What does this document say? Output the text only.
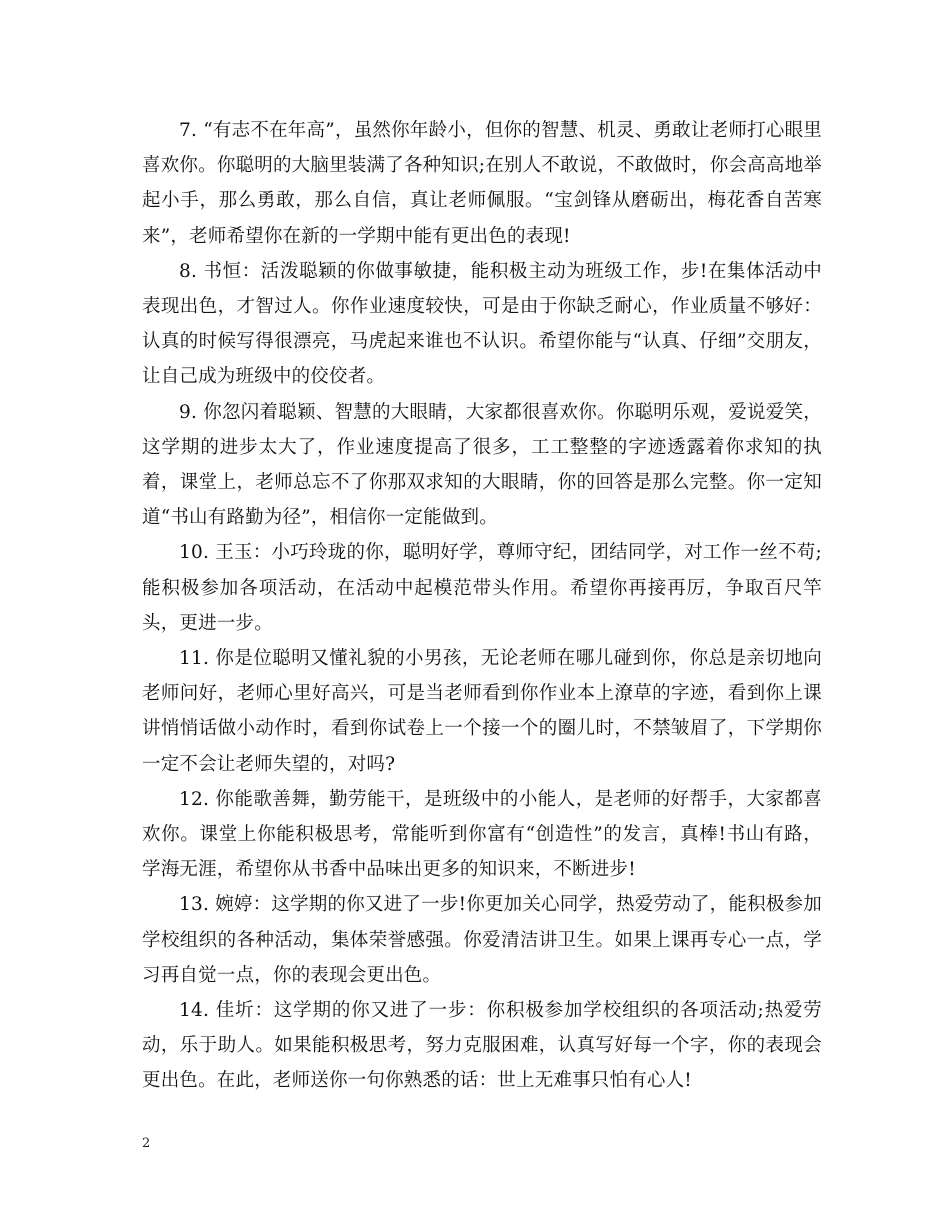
7. “有志不在年高”，虽然你年龄小，但你的智慧、机灵、勇敢让老师打心眼里喜欢你。你聪明的大脑里装满了各种知识;在别人不敢说，不敢做时，你会高高地举起小手，那么勇敢，那么自信，真让老师佩服。“宝剑锋从磨砺出，梅花香自苦寒来”，老师希望你在新的一学期中能有更出色的表现!

8. 书恒：活泼聪颖的你做事敏捷，能积极主动为班级工作，步!在集体活动中表现出色，才智过人。你作业速度较快，可是由于你缺乏耐心，作业质量不够好：认真的时候写得很漂亮，马虎起来谁也不认识。希望你能与“认真、仔细”交朋友，让自己成为班级中的佼佼者。

9. 你忽闪着聪颖、智慧的大眼睛，大家都很喜欢你。你聪明乐观，爱说爱笑，这学期的进步太大了，作业速度提高了很多，工工整整的字迹透露着你求知的执着，课堂上，老师总忘不了你那双求知的大眼睛，你的回答是那么完整。你一定知道“书山有路勤为径”，相信你一定能做到。

10. 王玉：小巧玲珑的你，聪明好学，尊师守纪，团结同学，对工作一丝不苟;能积极参加各项活动，在活动中起模范带头作用。希望你再接再厉，争取百尺竿头，更进一步。

11. 你是位聪明又懂礼貌的小男孩，无论老师在哪儿碰到你，你总是亲切地向老师问好，老师心里好高兴，可是当老师看到你作业本上潦草的字迹，看到你上课讲悄悄话做小动作时，看到你试卷上一个接一个的圈儿时，不禁皱眉了，下学期你一定不会让老师失望的，对吗?

12. 你能歌善舞，勤劳能干，是班级中的小能人，是老师的好帮手，大家都喜欢你。课堂上你能积极思考，常能听到你富有“创造性”的发言，真棒!书山有路，学海无涯，希望你从书香中品味出更多的知识来，不断进步!

13. 婉婷：这学期的你又进了一步!你更加关心同学，热爱劳动了，能积极参加学校组织的各种活动，集体荣誉感强。你爱清洁讲卫生。如果上课再专心一点，学习再自觉一点，你的表现会更出色。

14. 佳圻：这学期的你又进了一步：你积极参加学校组织的各项活动;热爱劳动，乐于助人。如果能积极思考，努力克服困难，认真写好每一个字，你的表现会更出色。在此，老师送你一句你熟悉的话：世上无难事只怕有心人!

2
